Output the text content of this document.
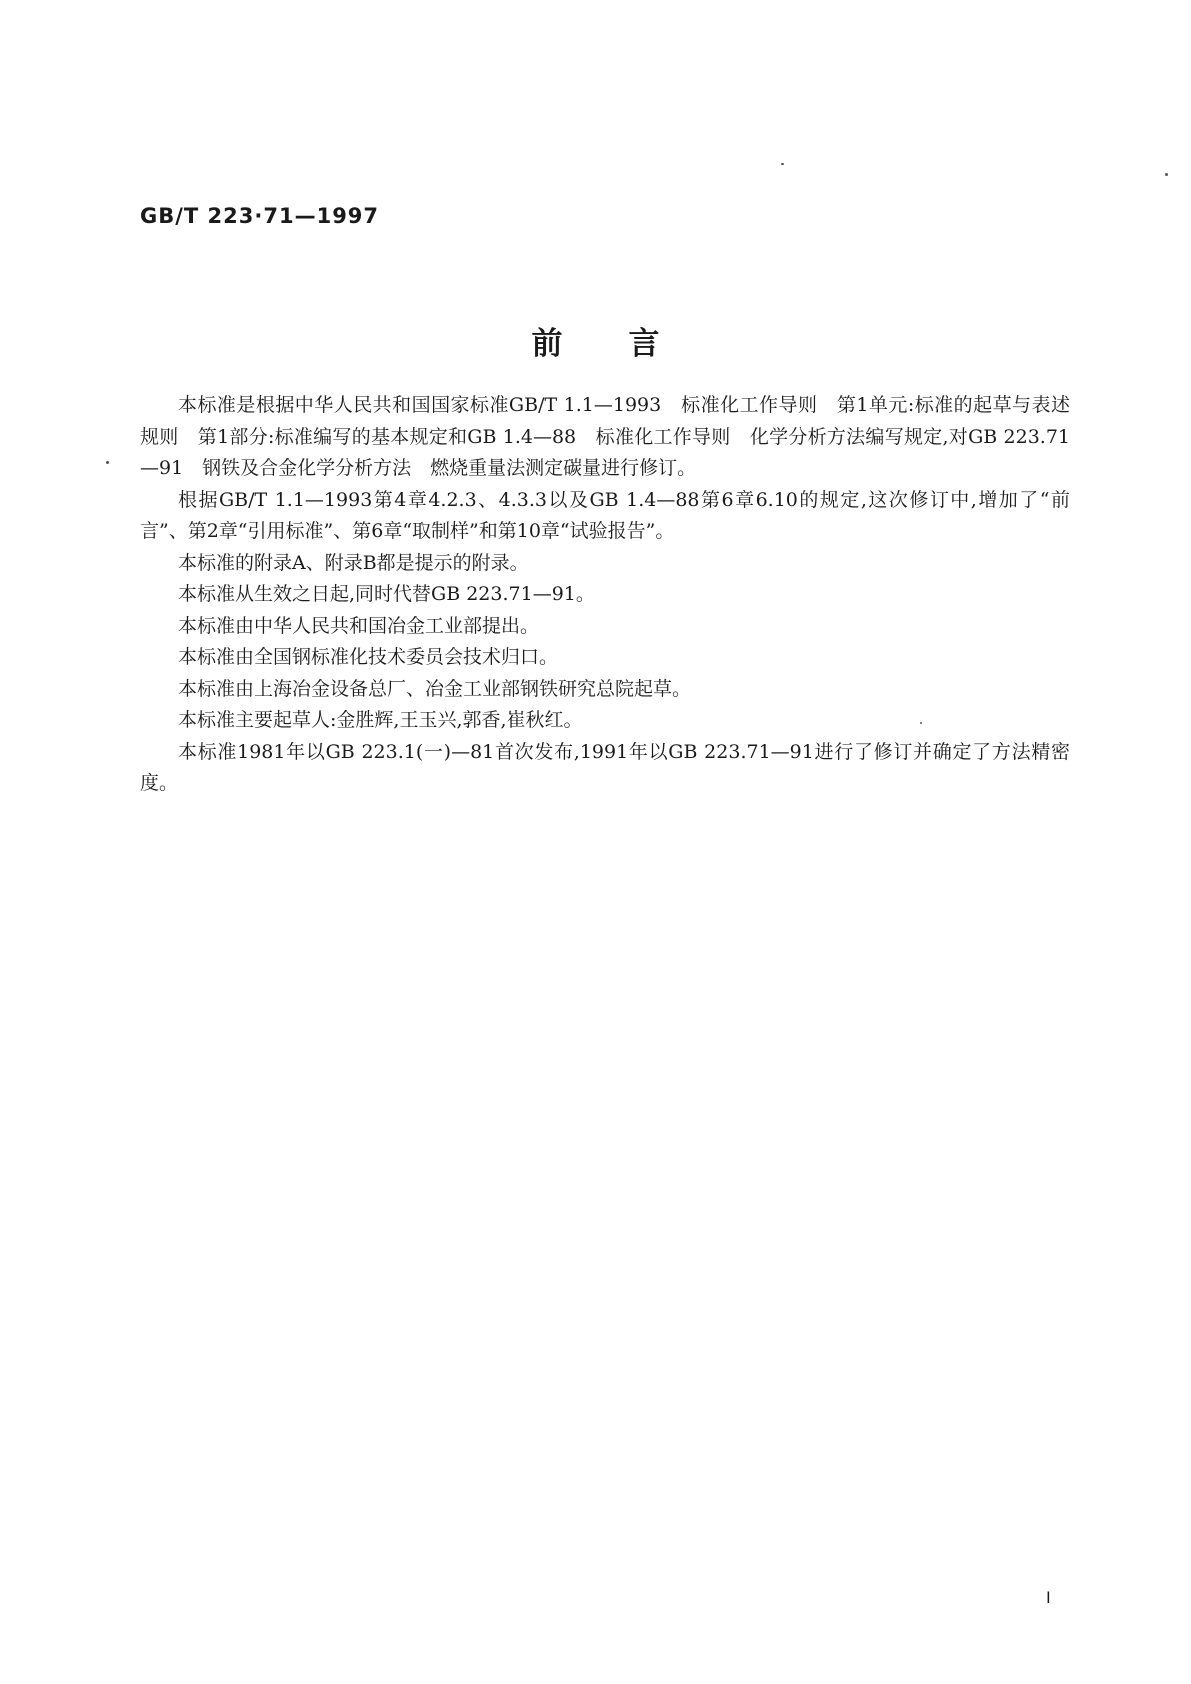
GB/T 223·71—1997
前言

本标准是根据中华人民共和国国家标准GB/T 1.1—1993　标准化工作导则　第1单元:标准的起草与表述规则　第1部分:标准编写的基本规定和GB 1.4—88　标准化工作导则　化学分析方法编写规定,对GB 223.71—91　钢铁及合金化学分析方法　燃烧重量法测定碳量进行修订。

根据GB/T 1.1—1993第4章4.2.3、4.3.3以及GB 1.4—88第6章6.10的规定,这次修订中,增加了“前言”、第2章“引用标准”、第6章“取制样”和第10章“试验报告”。

本标准的附录A、附录B都是提示的附录。

本标准从生效之日起,同时代替GB 223.71—91。

本标准由中华人民共和国冶金工业部提出。

本标准由全国钢标准化技术委员会技术归口。

本标准由上海冶金设备总厂、冶金工业部钢铁研究总院起草。

本标准主要起草人:金胜辉,王玉兴,郭香,崔秋红。

本标准1981年以GB 223.1(一)—81首次发布,1991年以GB 223.71—91进行了修订并确定了方法精密度。

I
